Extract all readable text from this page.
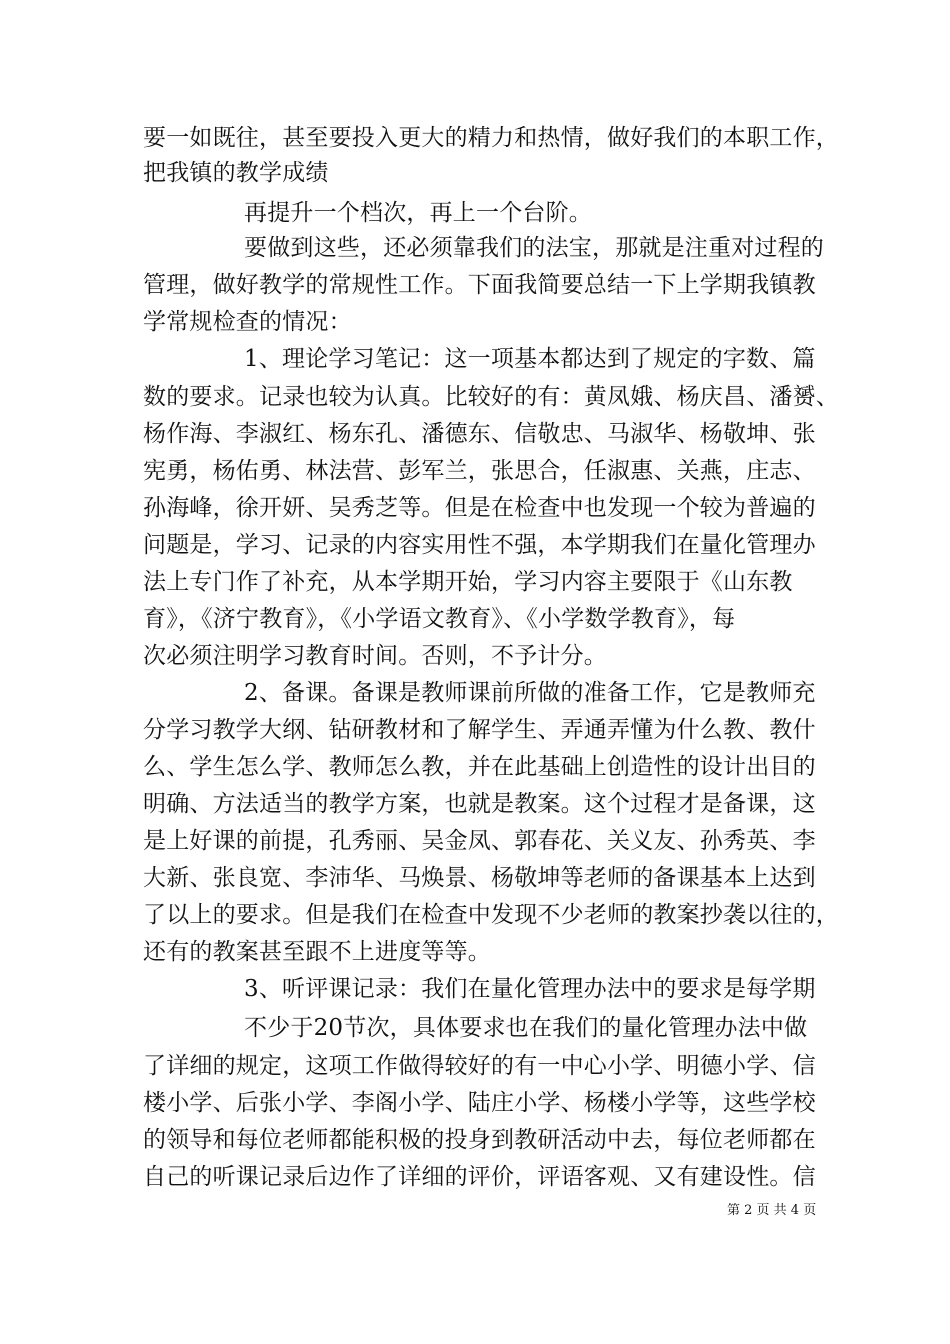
要一如既往，甚至要投入更大的精力和热情，做好我们的本职工作，
把我镇的教学成绩
再提升一个档次，再上一个台阶。
要做到这些，还必须靠我们的法宝，那就是注重对过程的
管理，做好教学的常规性工作。下面我简要总结一下上学期我镇教
学常规检查的情况：
1、理论学习笔记：这一项基本都达到了规定的字数、篇
数的要求。记录也较为认真。比较好的有：黄凤娥、杨庆昌、潘赟、
杨作海、李淑红、杨东孔、潘德东、信敬忠、马淑华、杨敬坤、张
宪勇，杨佑勇、林法营、彭军兰，张思合，任淑惠、关燕，庄志、
孙海峰，徐开妍、吴秀芝等。但是在检查中也发现一个较为普遍的
问题是，学习、记录的内容实用性不强，本学期我们在量化管理办
法上专门作了补充，从本学期开始，学习内容主要限于《山东教
育》，《济宁教育》，《小学语文教育》、《小学数学教育》，每
次必须注明学习教育时间。否则，不予计分。
2、备课。备课是教师课前所做的准备工作，它是教师充
分学习教学大纲、钻研教材和了解学生、弄通弄懂为什么教、教什
么、学生怎么学、教师怎么教，并在此基础上创造性的设计出目的
明确、方法适当的教学方案，也就是教案。这个过程才是备课，这
是上好课的前提，孔秀丽、吴金凤、郭春花、关义友、孙秀英、李
大新、张良宽、李沛华、马焕景、杨敬坤等老师的备课基本上达到
了以上的要求。但是我们在检查中发现不少老师的教案抄袭以往的，
还有的教案甚至跟不上进度等等。
3、听评课记录：我们在量化管理办法中的要求是每学期
不少于20节次，具体要求也在我们的量化管理办法中做
了详细的规定，这项工作做得较好的有一中心小学、明德小学、信
楼小学、后张小学、李阁小学、陆庄小学、杨楼小学等，这些学校
的领导和每位老师都能积极的投身到教研活动中去，每位老师都在
自己的听课记录后边作了详细的评价，评语客观、又有建设性。信
第 2 页 共 4 页
